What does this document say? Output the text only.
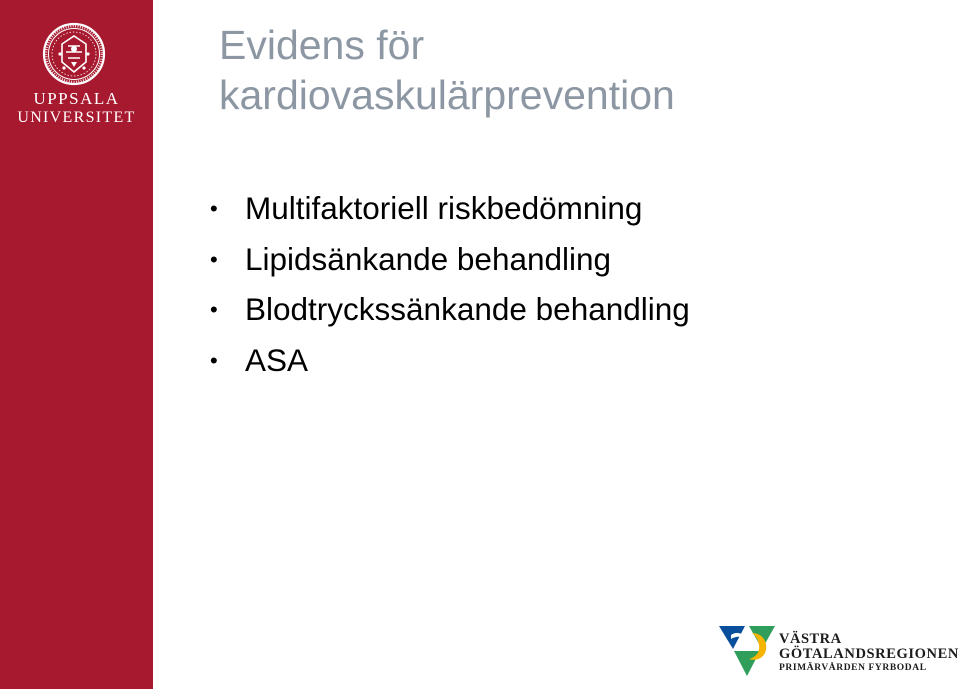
UPPSALA
UNIVERSITET
Evidens för
kardiovaskulärprevention
• Multifaktoriell riskbedömning
• Lipidsänkande behandling
• Blodtryckssänkande behandling
• ASA
VÄSTRA
GÖTALANDSREGIONEN
PRIMÄRVÅRDEN FYRBODAL
